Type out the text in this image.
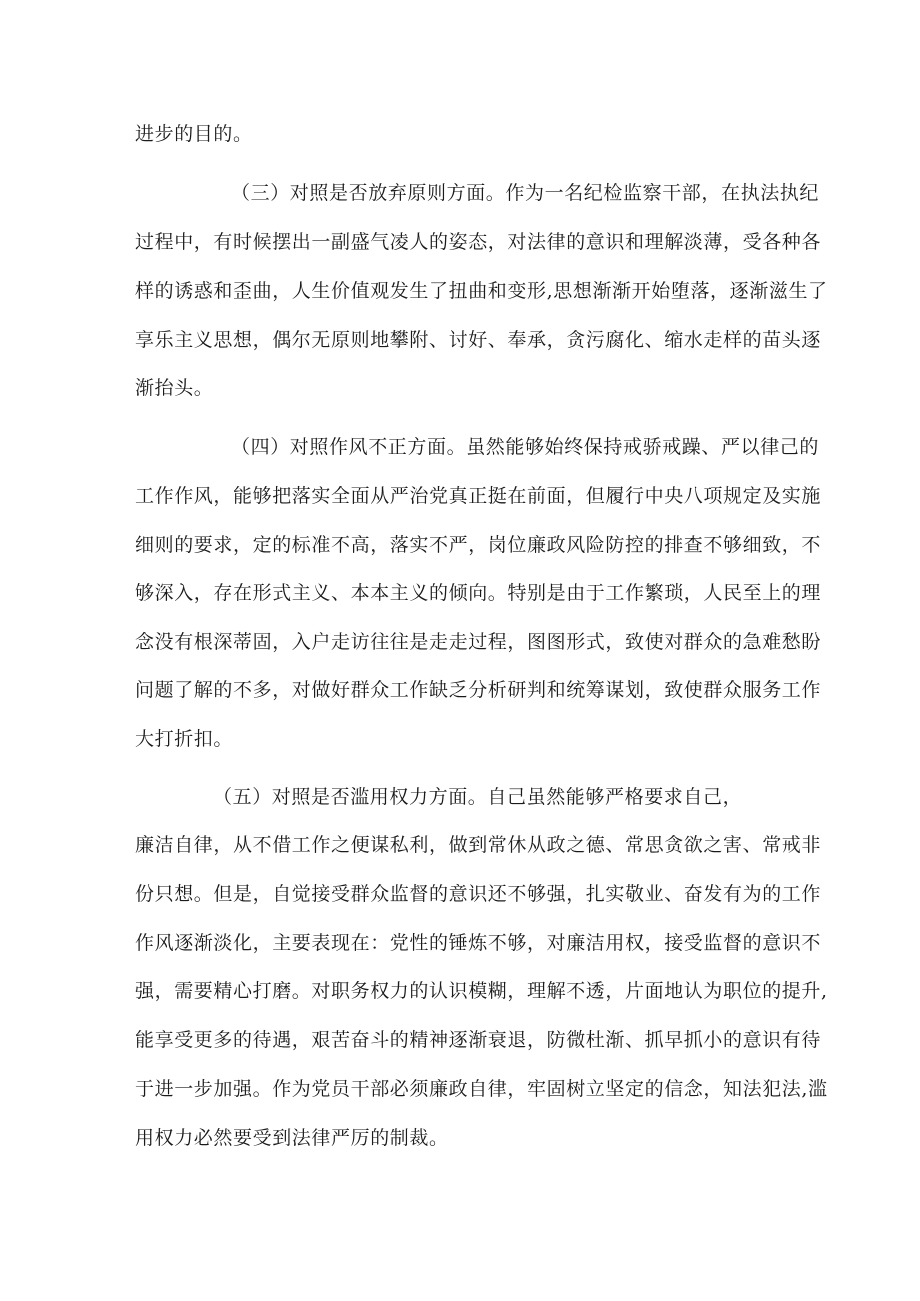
进步的目的。

（三）对照是否放弃原则方面。作为一名纪检监察干部，在执法执纪

过程中，有时候摆出一副盛气凌人的姿态，对法律的意识和理解淡薄，受各种各

样的诱惑和歪曲，人生价值观发生了扭曲和变形,思想渐渐开始堕落，逐渐滋生了

享乐主义思想，偶尔无原则地攀附、讨好、奉承，贪污腐化、缩水走样的苗头逐

渐抬头。

（四）对照作风不正方面。虽然能够始终保持戒骄戒躁、严以律己的

工作作风，能够把落实全面从严治党真正挺在前面，但履行中央八项规定及实施

细则的要求，定的标准不高，落实不严，岗位廉政风险防控的排查不够细致，不

够深入，存在形式主义、本本主义的倾向。特别是由于工作繁琐，人民至上的理

念没有根深蒂固，入户走访往往是走走过程，图图形式，致使对群众的急难愁盼

问题了解的不多，对做好群众工作缺乏分析研判和统筹谋划，致使群众服务工作

大打折扣。

（五）对照是否滥用权力方面。自己虽然能够严格要求自己，

廉洁自律，从不借工作之便谋私利，做到常休从政之德、常思贪欲之害、常戒非

份只想。但是，自觉接受群众监督的意识还不够强，扎实敬业、奋发有为的工作

作风逐渐淡化，主要表现在：党性的锤炼不够，对廉洁用权，接受监督的意识不

强，需要精心打磨。对职务权力的认识模糊，理解不透，片面地认为职位的提升,

能享受更多的待遇，艰苦奋斗的精神逐渐衰退，防微杜渐、抓早抓小的意识有待

于进一步加强。作为党员干部必须廉政自律，牢固树立坚定的信念，知法犯法,滥

用权力必然要受到法律严厉的制裁。
